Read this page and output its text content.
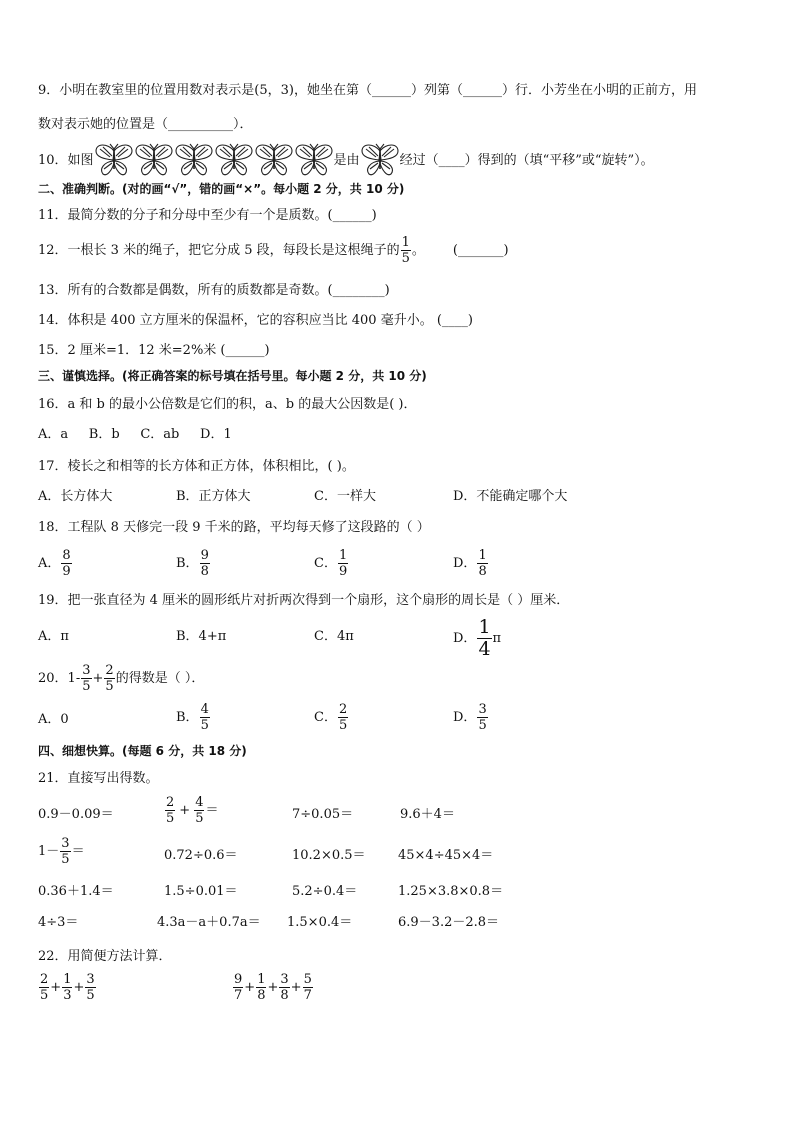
9．小明在教室里的位置用数对表示是(5，3)，她坐在第（______）列第（______）行．小芳坐在小明的正前方，用
数对表示她的位置是（__________）．
10．如图	是由	经过（____）得到的（填“平移”或“旋转”）。
二、准确判断。(对的画“√”，错的画“×”。每小题 2 分，共 10 分)
11．最简分数的分子和分母中至少有一个是质数。(______)
12．一根长 3 米的绳子，把它分成 5 段，每段长是这根绳子的 $\frac{1}{5}$ 。 (_______)
13．所有的合数都是偶数，所有的质数都是奇数。(________)
14．体积是 400 立方厘米的保温杯，它的容积应当比 400 毫升小。 (____)
15．2 厘米=1．12 米=2%米 (______)
三、谨慎选择。(将正确答案的标号填在括号里。每小题 2 分，共 10 分)
16．a 和 b 的最小公倍数是它们的积，a、b 的最大公因数是( )．
A．a     B．b     C．ab     D．1
17．棱长之和相等的长方体和正方体，体积相比，( )。
A．长方体大	B．正方体大	C．一样大	D．不能确定哪个大
18．工程队 8 天修完一段 9 千米的路，平均每天修了这段路的（ ）
A． $\frac{8}{9}$	B． $\frac{9}{8}$	C． $\frac{1}{9}$	D． $\frac{1}{8}$
19．把一张直径为 4 厘米的圆形纸片对折两次得到一个扇形，这个扇形的周长是（ ）厘米．
A．π	B．4+π	C．4π	D． $\frac{1}{4}$ π
20．$1- \frac{3}{5} + \frac{2}{5}$ 的得数是（ ）．
A．0	B． $\frac{4}{5}$	C． $\frac{2}{5}$	D． $\frac{3}{5}$
四、细想快算。(每题 6 分，共 18 分)
21．直接写出得数。
0.9－0.09＝	$\frac{2}{5} + \frac{4}{5}$ ＝	7÷0.05＝	9.6＋4＝
$1- \frac{3}{5}$ ＝	0.72÷0.6＝	10.2×0.5＝ 45×4÷45×4＝
0.36＋1.4＝	1.5÷0.01＝	5.2÷0.4＝	1.25×3.8×0.8＝
4÷3＝	4.3a－a＋0.7a＝ 1.5×0.4＝	6.9－3.2－2.8＝
22．用简便方法计算．
$\frac{2}{5} + \frac{1}{3} + \frac{3}{5}$	$\frac{9}{7} + \frac{1}{8} + \frac{3}{8} + \frac{5}{7}$
